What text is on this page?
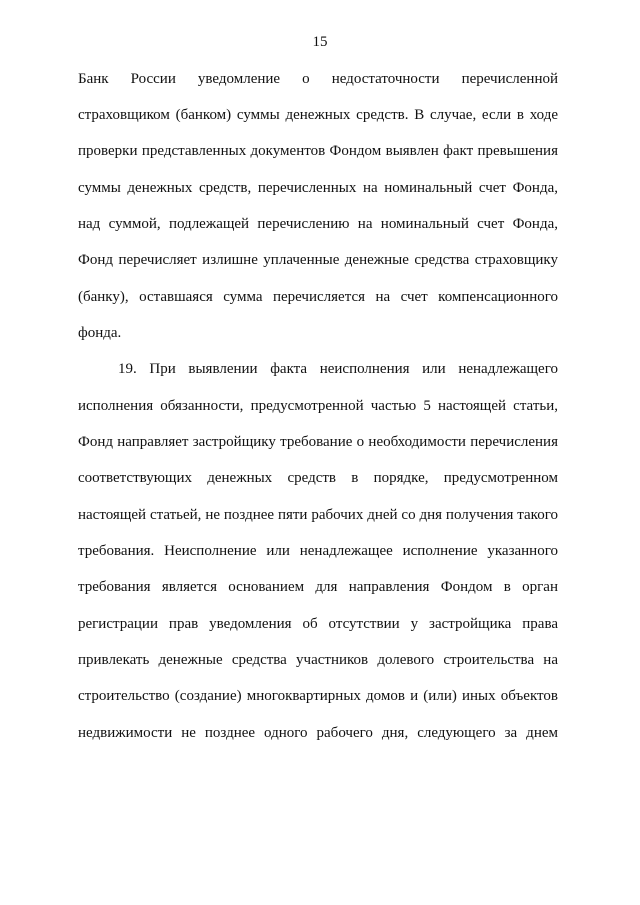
15
Банк России уведомление о недостаточности перечисленной
страховщиком (банком) суммы денежных средств. В случае, если в ходе
проверки представленных документов Фондом выявлен факт превышения
суммы денежных средств, перечисленных на номинальный счет Фонда,
над суммой, подлежащей перечислению на номинальный счет Фонда,
Фонд перечисляет излишне уплаченные денежные средства страховщику
(банку), оставшаяся сумма перечисляется на счет компенсационного
фонда.
19. При выявлении факта неисполнения или ненадлежащего
исполнения обязанности, предусмотренной частью 5 настоящей статьи,
Фонд направляет застройщику требование о необходимости перечисления
соответствующих денежных средств в порядке, предусмотренном
настоящей статьей, не позднее пяти рабочих дней со дня получения такого
требования. Неисполнение или ненадлежащее исполнение указанного
требования является основанием для направления Фондом в орган
регистрации прав уведомления об отсутствии у застройщика права
привлекать денежные средства участников долевого строительства на
строительство (создание) многоквартирных домов и (или) иных объектов
недвижимости не позднее одного рабочего дня, следующего за днем
